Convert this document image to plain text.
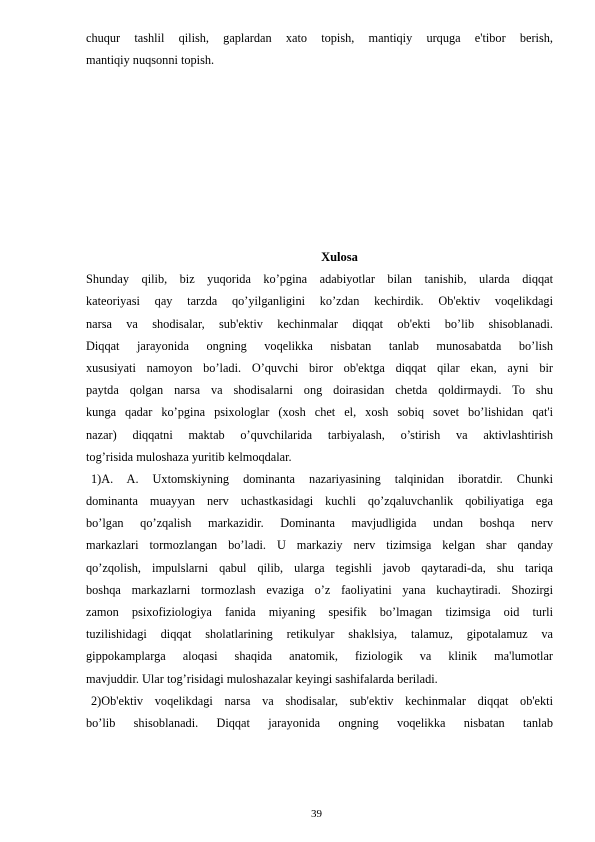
chuqur tashlil qilish, gaplardan xato topish, mantiqiy urquga e'tibor berish,
mantiqiy nuqsonni topish.
Xulosa
Shunday qilib, biz yuqorida ko’pgina adabiyotlar bilan tanishib, ularda diqqat
kateoriyasi qay tarzda qo’yilganligini ko’zdan kechirdik. Ob'ektiv voqelikdagi
narsa va shodisalar, sub'ektiv kechinmalar diqqat ob'ekti bo’lib shisoblanadi.
Diqqat jarayonida ongning voqelikka nisbatan tanlab munosabatda bo’lish
xususiyati namoyon bo’ladi. O’quvchi biror ob'ektga diqqat qilar ekan, ayni bir
paytda qolgan narsa va shodisalarni ong doirasidan chetda qoldirmaydi. To shu
kunga qadar ko’pgina psixologlar (xosh chet el, xosh sobiq sovet bo’lishidan qat'i
nazar) diqqatni maktab o’quvchilarida tarbiyalash, o’stirish va aktivlashtirish
tog’risida muloshaza yuritib kelmoqdalar.
1)A. A. Uxtomskiyning dominanta nazariyasining talqinidan iboratdir. Chunki
dominanta muayyan nerv uchastkasidagi kuchli qo’zqaluvchanlik qobiliyatiga ega
bo’lgan qo’zqalish markazidir. Dominanta mavjudligida undan boshqa nerv
markazlari tormozlangan bo’ladi. U markaziy nerv tizimsiga kelgan shar qanday
qo’zqolish, impulslarni qabul qilib, ularga tegishli javob qaytaradi-da, shu tariqa
boshqa markazlarni tormozlash evaziga o’z faoliyatini yana kuchaytiradi. Shozirgi
zamon psixofiziologiya fanida miyaning spesifik bo’lmagan tizimsiga oid turli
tuzilishidagi diqqat sholatlarining retikulyar shaklsiya, talamuz, gipotalamuz va
gippokamplarga aloqasi shaqida anatomik, fiziologik va klinik ma'lumotlar
mavjuddir. Ular tog’risidagi muloshazalar keyingi sashifalarda beriladi.
2)Ob'ektiv voqelikdagi narsa va shodisalar, sub'ektiv kechinmalar diqqat ob'ekti
bo’lib shisoblanadi. Diqqat jarayonida ongning voqelikka nisbatan tanlab
39
